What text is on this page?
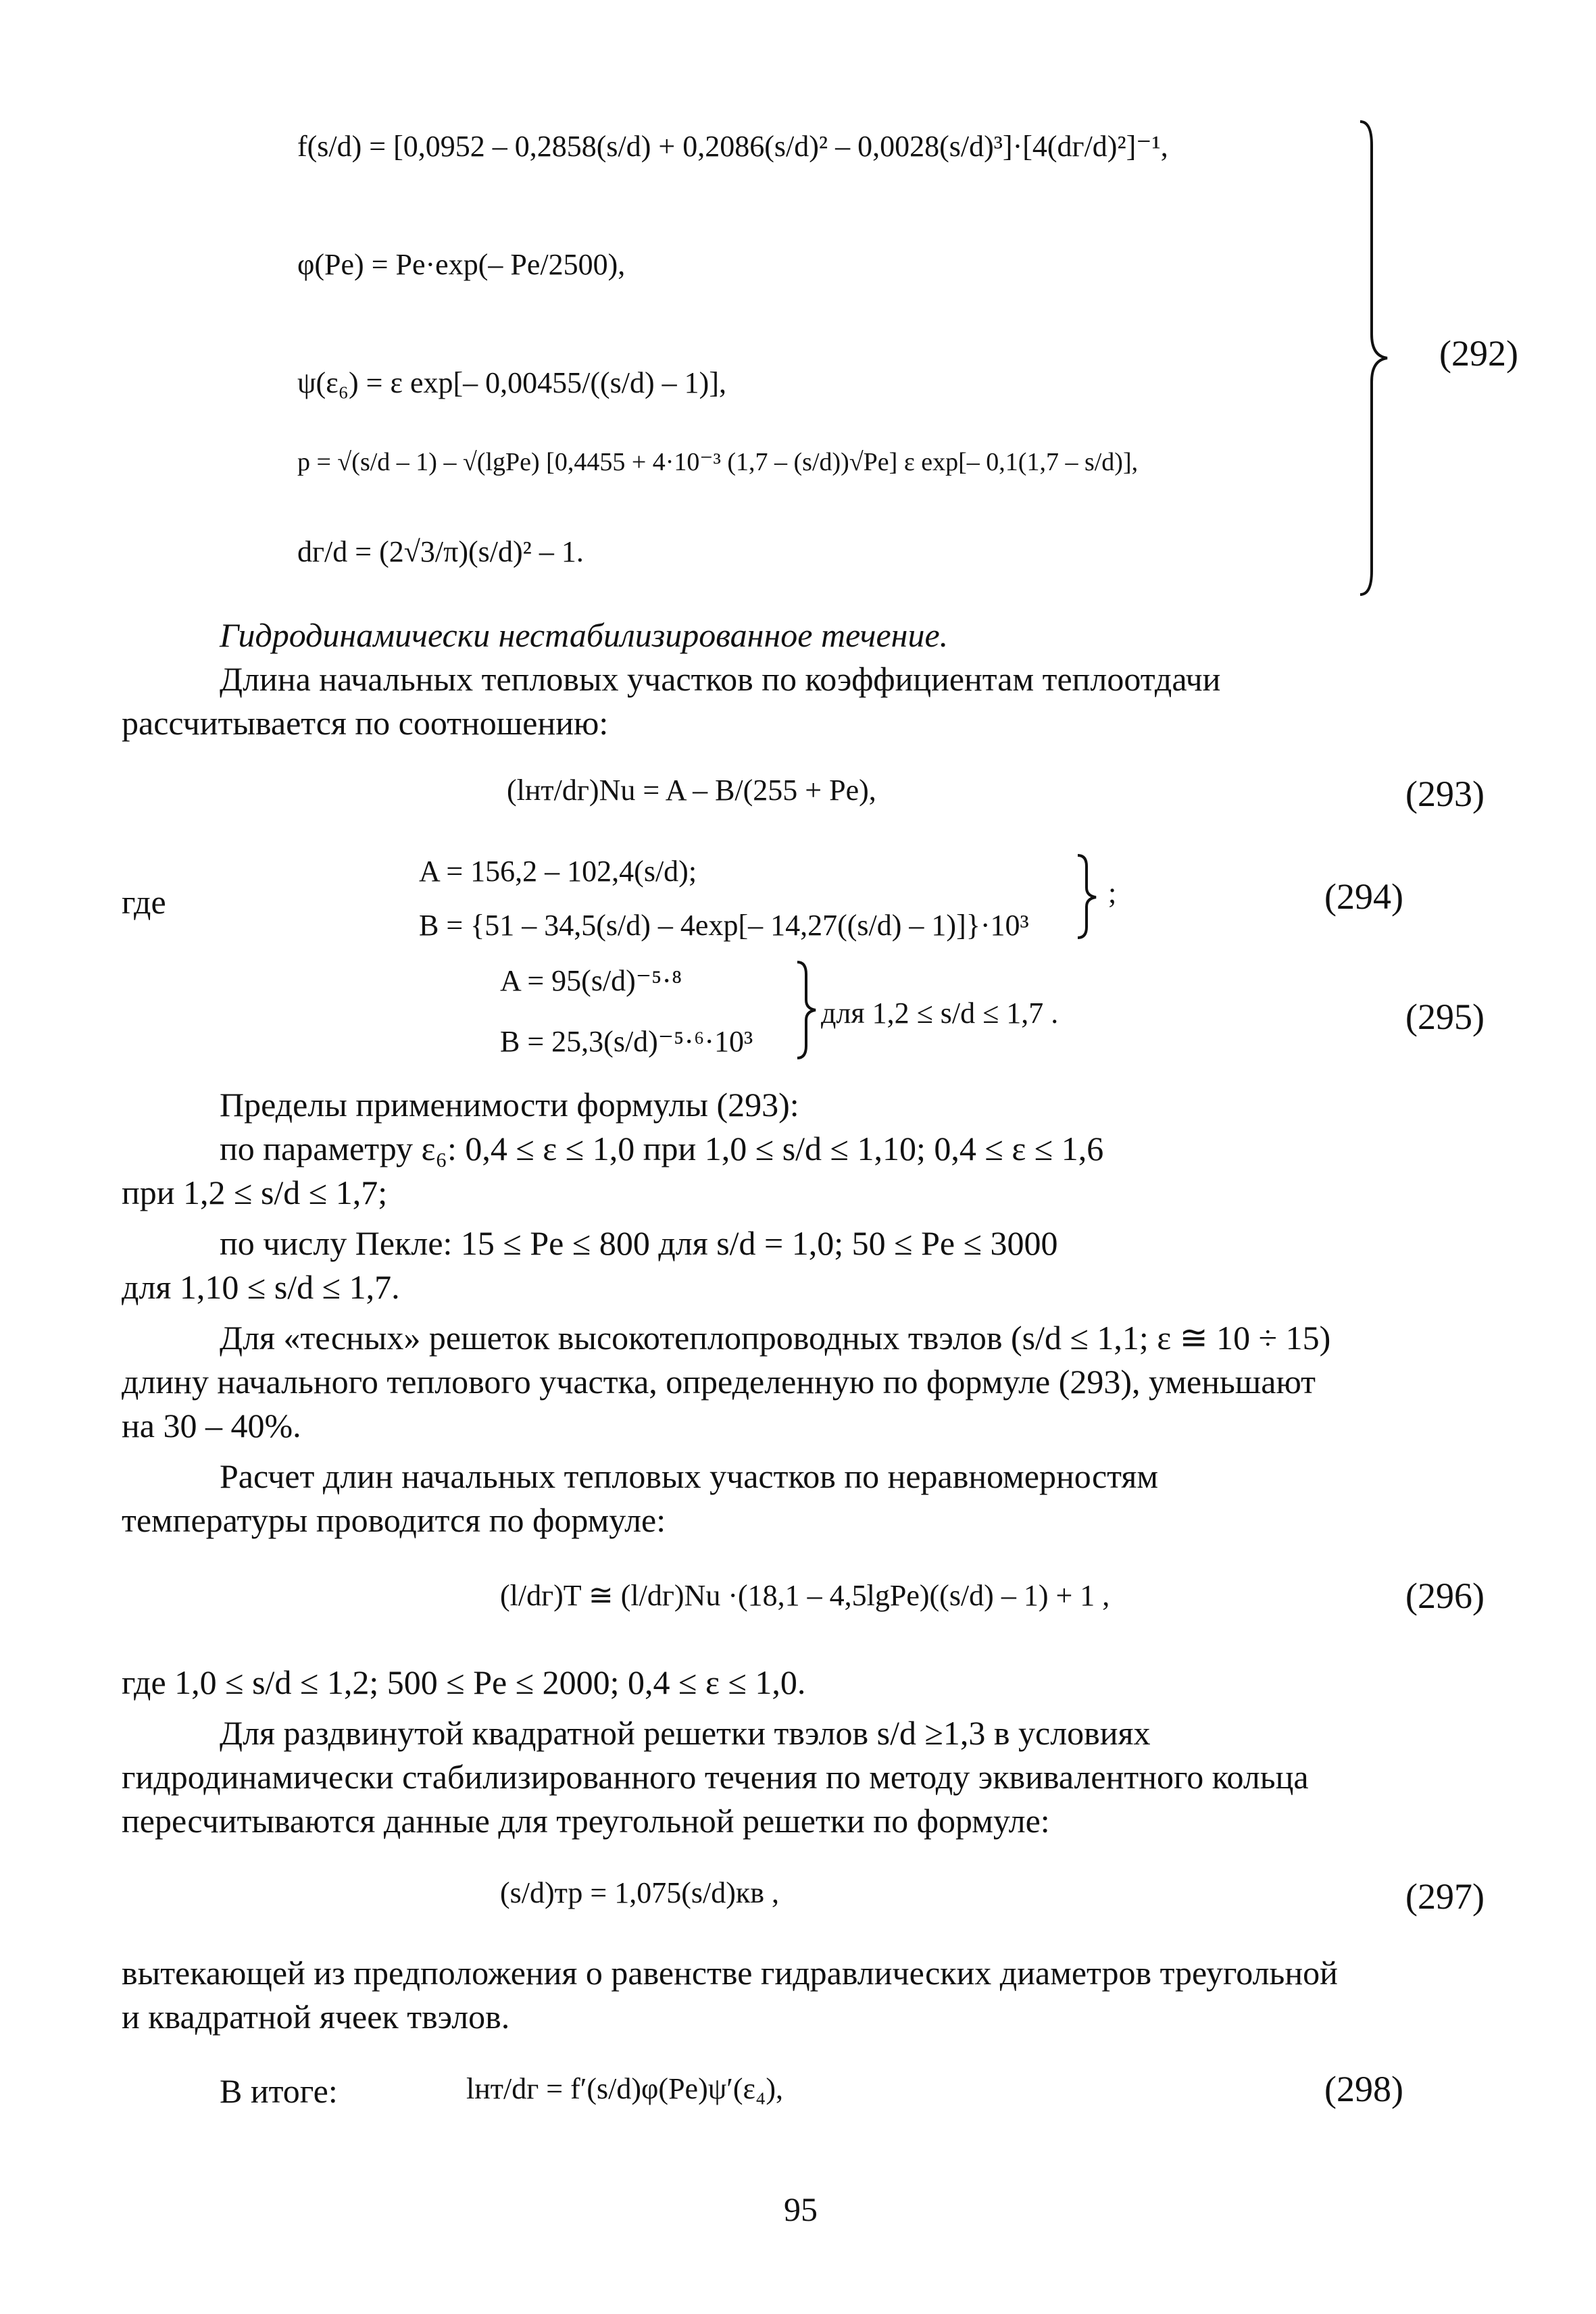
f(s/d) = [0,0952 – 0,2858(s/d) + 0,2086(s/d)² – 0,0028(s/d)³]·[4(dг/d)²]⁻¹,
φ(Pe) = Pe·exp(– Pe/2500),
ψ(ε₆) = ε exp[– 0,00455/((s/d) – 1)],
p = √(s/d – 1) – √(lgPe) [0,4455 + 4·10⁻³ (1,7 – (s/d))√Pe] ε exp[– 0,1(1,7 – s/d)],
dг/d = (2√3/π)(s/d)² – 1.
(292)
Гидродинамически нестабилизированное течение.
Длина начальных тепловых участков по коэффициентам теплоотдачи
рассчитывается по соотношению:
(lнт/dг)Nu = A – B/(255 + Pe),	(293)
где
A = 156,2 – 102,4(s/d);
B = {51 – 34,5(s/d) – 4exp[– 14,27((s/d) – 1)]}·10³
;	(294)
A = 95(s/d)⁻⁵·⁸
B = 25,3(s/d)⁻⁵·⁶·10³
для 1,2 ≤ s/d ≤ 1,7 .	(295)
Пределы применимости формулы (293):
по параметру ε₆: 0,4 ≤ ε ≤ 1,0 при 1,0 ≤ s/d ≤ 1,10; 0,4 ≤ ε ≤ 1,6
при 1,2 ≤ s/d ≤ 1,7;
по числу Пекле: 15 ≤ Pe ≤ 800 для s/d = 1,0; 50 ≤ Pe ≤ 3000
для 1,10 ≤ s/d ≤ 1,7.
Для «тесных» решеток высокотеплопроводных твэлов (s/d ≤ 1,1; ε ≅ 10 ÷ 15)
длину начального теплового участка, определенную по формуле (293), уменьшают
на 30 – 40%.
Расчет длин начальных тепловых участков по неравномерностям
температуры проводится по формуле:
(l/dг)T ≅ (l/dг)Nu ·(18,1 – 4,5lgPe)((s/d) – 1) + 1 ,	(296)
где 1,0 ≤ s/d ≤ 1,2; 500 ≤ Pe ≤ 2000; 0,4 ≤ ε ≤ 1,0.
Для раздвинутой квадратной решетки твэлов s/d ≥1,3 в условиях
гидродинамически стабилизированного течения по методу эквивалентного кольца
пересчитываются данные для треугольной решетки по формуле:
(s/d)тр = 1,075(s/d)кв ,	(297)
вытекающей из предположения о равенстве гидравлических диаметров треугольной
и квадратной ячеек твэлов.
В итоге:	lнт/dг = f′(s/d)φ(Pe)ψ′(ε₄),	(298)
95
